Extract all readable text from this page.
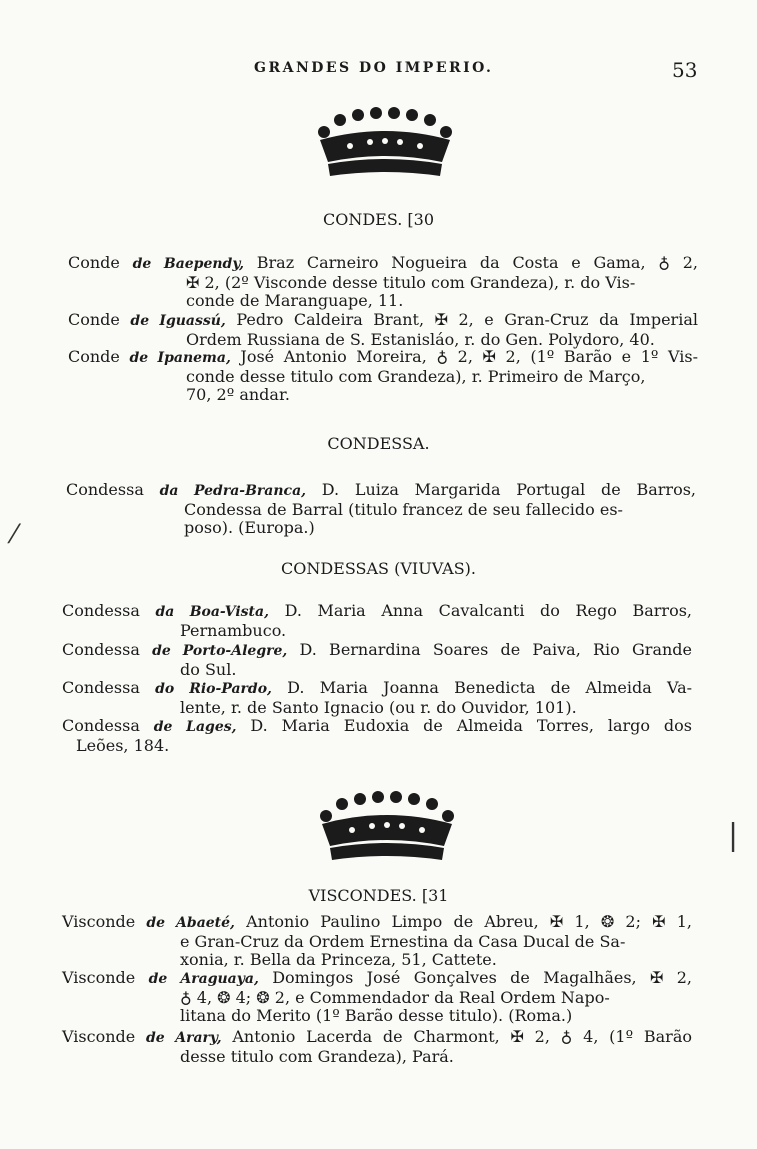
GRANDES DO IMPERIO.	53
CONDES. [30
Conde de Baependy, Braz Carneiro Nogueira da Costa e Gama, ♁ 2,
✠ 2, (2º Visconde desse titulo com Grandeza), r. do Vis-
conde de Maranguape, 11.
Conde de Iguassú, Pedro Caldeira Brant, ✠ 2, e Gran-Cruz da Imperial
Ordem Russiana de S. Estanisláo, r. do Gen. Polydoro, 40.
Conde de Ipanema, José Antonio Moreira, ♁ 2, ✠ 2, (1º Barão e 1º Vis-
conde desse titulo com Grandeza), r. Primeiro de Março,
70, 2º andar.
CONDESSA.
Condessa da Pedra-Branca, D. Luiza Margarida Portugal de Barros,
Condessa de Barral (titulo francez de seu fallecido es-
poso). (Europa.)
⁄
CONDESSAS (VIUVAS).
Condessa da Boa-Vista, D. Maria Anna Cavalcanti do Rego Barros,
Pernambuco.
Condessa de Porto-Alegre, D. Bernardina Soares de Paiva, Rio Grande
do Sul.
Condessa do Rio-Pardo, D. Maria Joanna Benedicta de Almeida Va-
lente, r. de Santo Ignacio (ou r. do Ouvidor, 101).
Condessa de Lages, D. Maria Eudoxia de Almeida Torres, largo dos
Leões, 184.
|
VISCONDES. [31
Visconde de Abaeté, Antonio Paulino Limpo de Abreu, ✠ 1, ❂ 2; ✠ 1,
e Gran-Cruz da Ordem Ernestina da Casa Ducal de Sa-
xonia, r. Bella da Princeza, 51, Cattete.
Visconde de Araguaya, Domingos José Gonçalves de Magalhães, ✠ 2,
♁ 4, ❂ 4; ❂ 2, e Commendador da Real Ordem Napo-
litana do Merito (1º Barão desse titulo). (Roma.)
Visconde de Arary, Antonio Lacerda de Charmont, ✠ 2, ♁ 4, (1º Barão
desse titulo com Grandeza), Pará.
